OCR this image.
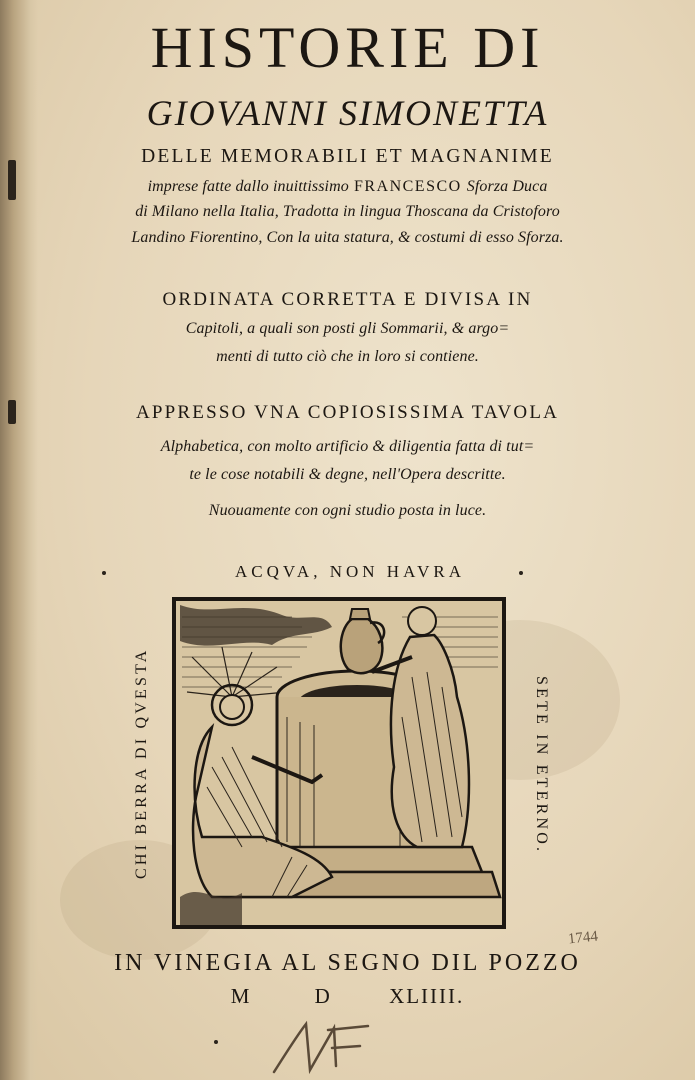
HISTORIE DI
GIOVANNI SIMONETTA
DELLE MEMORABILI ET MAGNANIME
imprese fatte dallo inuittissimo FRANCESCO Sforza Duca
di Milano nella Italia, Tradotta in lingua Thoscana da Cristoforo
Landino Fiorentino, Con la uita statura, & costumi di esso Sforza.
ORDINATA CORRETTA E DIVISA IN
Capitoli, a quali son posti gli Sommarii, & argo=
menti di tutto ciò che in loro si contiene.
APPRESSO VNA COPIOSISSIMA TAVOLA
Alphabetica, con molto artificio & diligentia fatta di tut=
te le cose notabili & degne, nell'Opera descritte.
Nuouamente con ogni studio posta in luce.
ACQVA, NON HAVRA
CHI BERRA DI QVESTA	SETE IN ETERNO.
IN VINEGIA AL SEGNO DIL POZZO
M	D	XLIIII.
1744
